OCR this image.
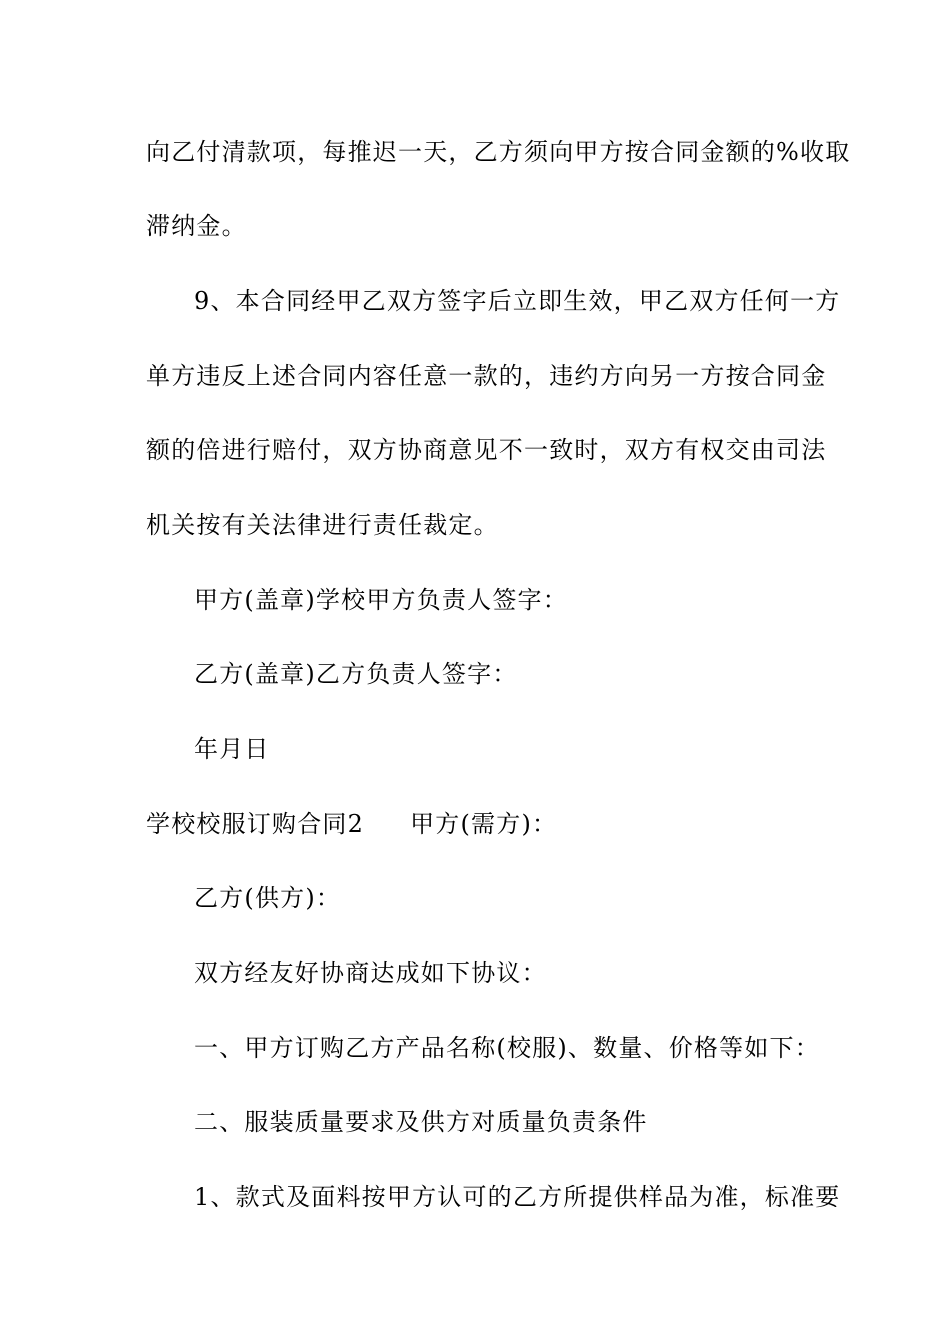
向乙付清款项，每推迟一天，乙方须向甲方按合同金额的%收取
滞纳金。
9、本合同经甲乙双方签字后立即生效，甲乙双方任何一方
单方违反上述合同内容任意一款的，违约方向另一方按合同金
额的倍进行赔付，双方协商意见不一致时，双方有权交由司法
机关按有关法律进行责任裁定。
甲方(盖章)学校甲方负责人签字：
乙方(盖章)乙方负责人签字：
年月日
学校校服订购合同2 甲方(需方)：
乙方(供方)：
双方经友好协商达成如下协议：
一、甲方订购乙方产品名称(校服)、数量、价格等如下：
二、服装质量要求及供方对质量负责条件
1、款式及面料按甲方认可的乙方所提供样品为准，标准要
